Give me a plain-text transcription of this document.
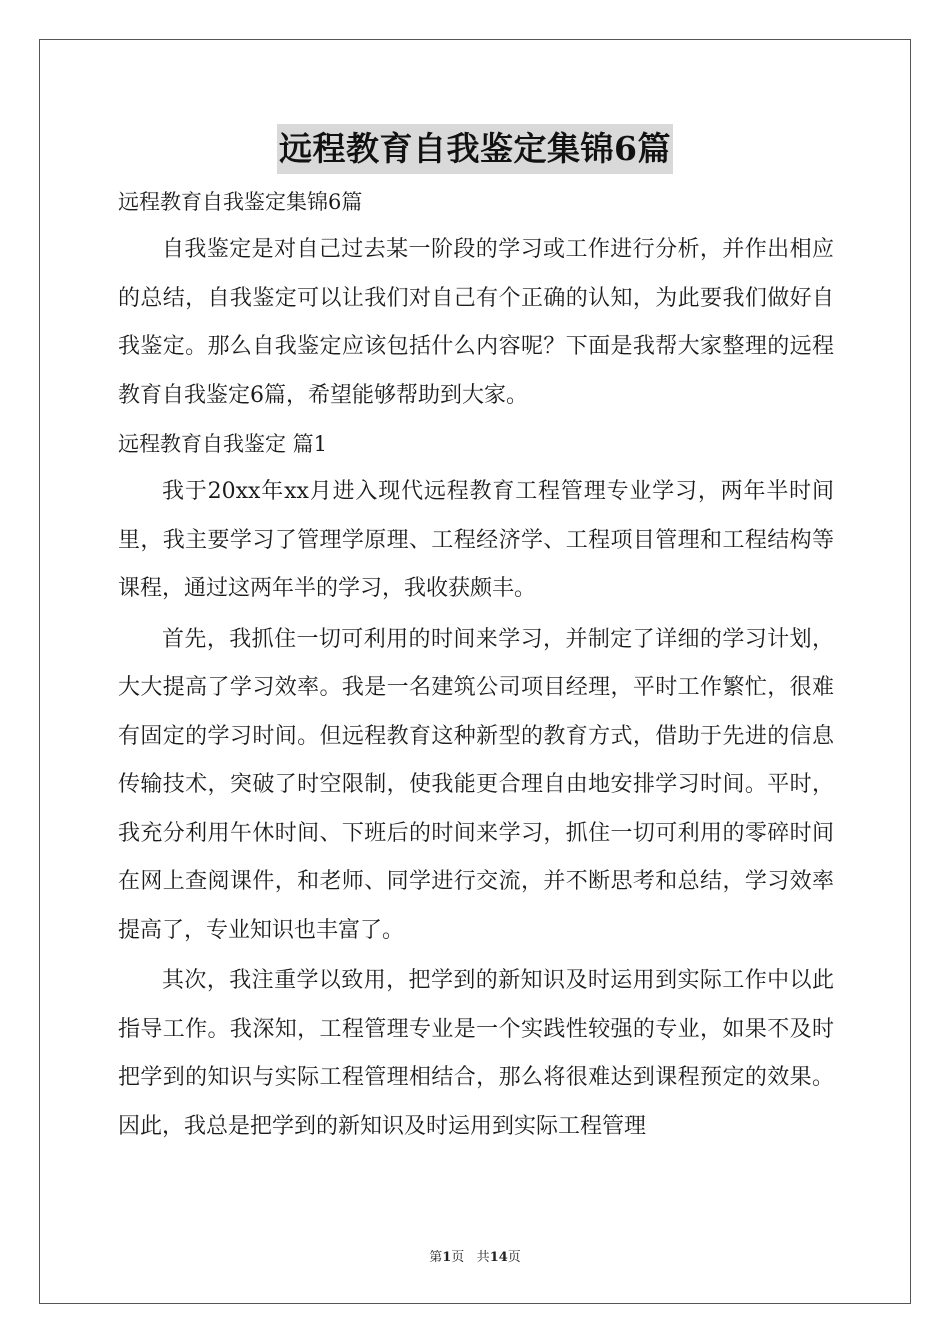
远程教育自我鉴定集锦6篇

远程教育自我鉴定集锦6篇

自我鉴定是对自己过去某一阶段的学习或工作进行分析，并作出相应的总结，自我鉴定可以让我们对自己有个正确的认知，为此要我们做好自我鉴定。那么自我鉴定应该包括什么内容呢？下面是我帮大家整理的远程教育自我鉴定6篇，希望能够帮助到大家。

远程教育自我鉴定 篇1

我于20xx年xx月进入现代远程教育工程管理专业学习，两年半时间里，我主要学习了管理学原理、工程经济学、工程项目管理和工程结构等课程，通过这两年半的学习，我收获颇丰。

首先，我抓住一切可利用的时间来学习，并制定了详细的学习计划，大大提高了学习效率。我是一名建筑公司项目经理，平时工作繁忙，很难有固定的学习时间。但远程教育这种新型的教育方式，借助于先进的信息传输技术，突破了时空限制，使我能更合理自由地安排学习时间。平时，我充分利用午休时间、下班后的时间来学习，抓住一切可利用的零碎时间在网上查阅课件，和老师、同学进行交流，并不断思考和总结，学习效率提高了，专业知识也丰富了。

其次，我注重学以致用，把学到的新知识及时运用到实际工作中以此指导工作。我深知，工程管理专业是一个实践性较强的专业，如果不及时把学到的知识与实际工程管理相结合，那么将很难达到课程预定的效果。因此，我总是把学到的新知识及时运用到实际工程管理

第1页 共14页
